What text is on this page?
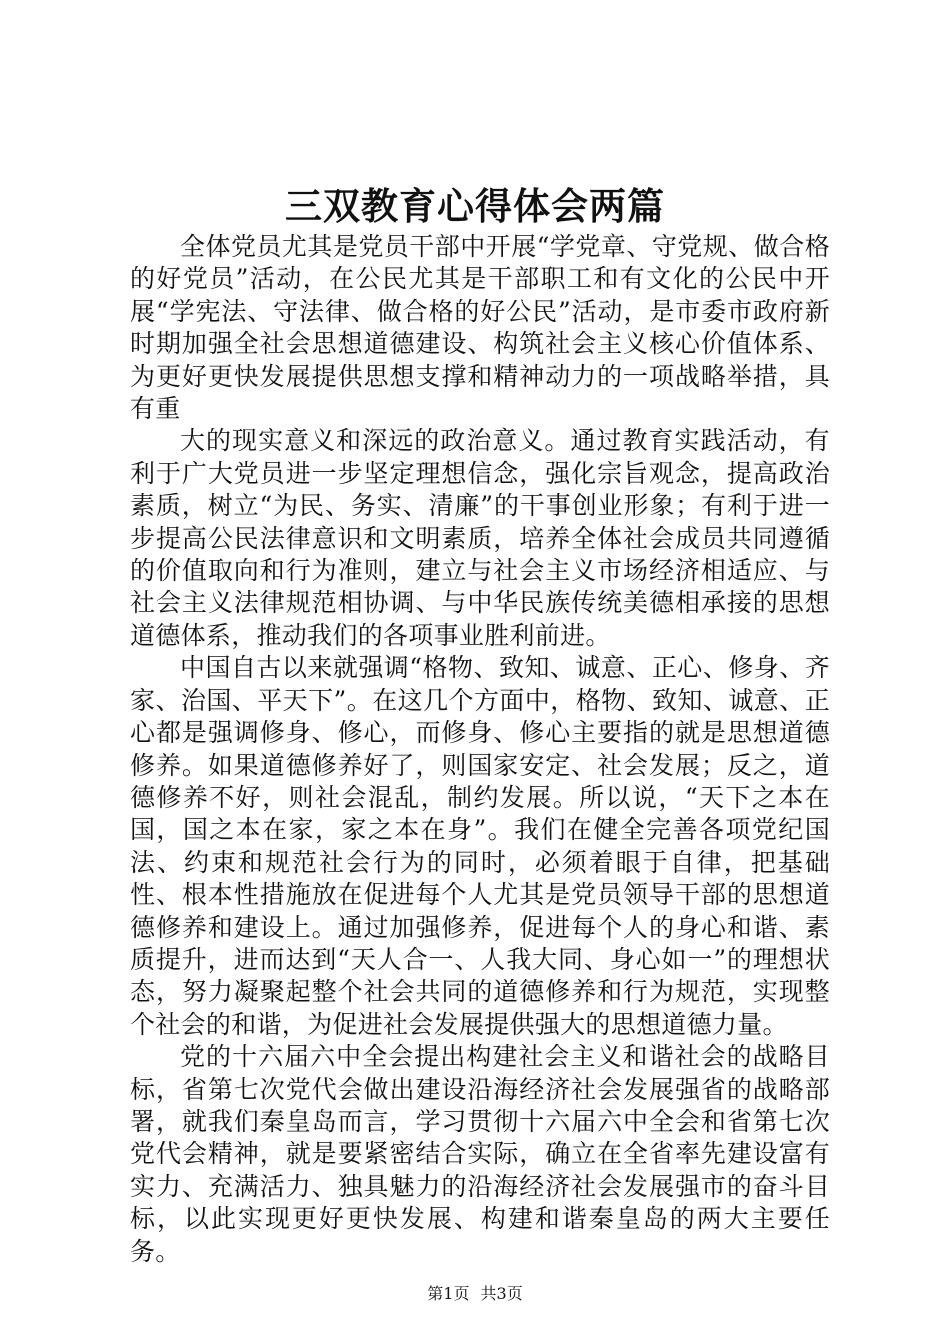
三双教育心得体会两篇

全体党员尤其是党员干部中开展“学党章、守党规、做合格的好党员”活动，在公民尤其是干部职工和有文化的公民中开展“学宪法、守法律、做合格的好公民”活动，是市委市政府新时期加强全社会思想道德建设、构筑社会主义核心价值体系、为更好更快发展提供思想支撑和精神动力的一项战略举措，具有重

大的现实意义和深远的政治意义。通过教育实践活动，有利于广大党员进一步坚定理想信念，强化宗旨观念，提高政治素质，树立“为民、务实、清廉”的干事创业形象；有利于进一步提高公民法律意识和文明素质，培养全体社会成员共同遵循的价值取向和行为准则，建立与社会主义市场经济相适应、与社会主义法律规范相协调、与中华民族传统美德相承接的思想道德体系，推动我们的各项事业胜利前进。

中国自古以来就强调“格物、致知、诚意、正心、修身、齐家、治国、平天下”。在这几个方面中，格物、致知、诚意、正心都是强调修身、修心，而修身、修心主要指的就是思想道德修养。如果道德修养好了，则国家安定、社会发展；反之，道德修养不好，则社会混乱，制约发展。所以说，“天下之本在国，国之本在家，家之本在身”。我们在健全完善各项党纪国法、约束和规范社会行为的同时，必须着眼于自律，把基础性、根本性措施放在促进每个人尤其是党员领导干部的思想道德修养和建设上。通过加强修养，促进每个人的身心和谐、素质提升，进而达到“天人合一、人我大同、身心如一”的理想状态，努力凝聚起整个社会共同的道德修养和行为规范，实现整个社会的和谐，为促进社会发展提供强大的思想道德力量。

党的十六届六中全会提出构建社会主义和谐社会的战略目标，省第七次党代会做出建设沿海经济社会发展强省的战略部署，就我们秦皇岛而言，学习贯彻十六届六中全会和省第七次党代会精神，就是要紧密结合实际，确立在全省率先建设富有实力、充满活力、独具魅力的沿海经济社会发展强市的奋斗目标，以此实现更好更快发展、构建和谐秦皇岛的两大主要任务。

第1页 共3页
